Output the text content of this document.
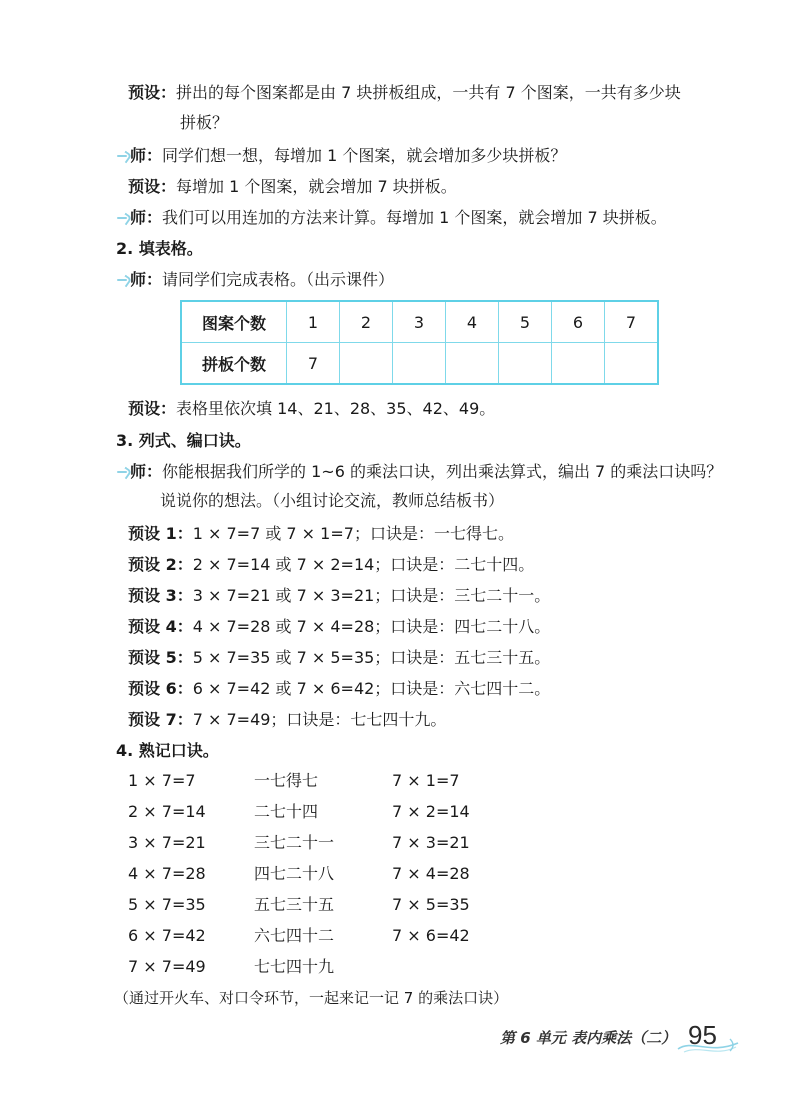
预设：拼出的每个图案都是由 7 块拼板组成，一共有 7 个图案，一共有多少块
拼板？
师：同学们想一想，每增加 1 个图案，就会增加多少块拼板？
预设：每增加 1 个图案，就会增加 7 块拼板。
师：我们可以用连加的方法来计算。每增加 1 个图案，就会增加 7 块拼板。
2. 填表格。
师：请同学们完成表格。（出示课件）
图案个数	1	2	3	4	5	6	7
拼板个数	7						
预设：表格里依次填 14、21、28、35、42、49。
3. 列式、编口诀。
师：你能根据我们所学的 1~6 的乘法口诀，列出乘法算式，编出 7 的乘法口诀吗？
说说你的想法。（小组讨论交流，教师总结板书）
预设 1：1 × 7=7 或 7 × 1=7；口诀是：一七得七。
预设 2：2 × 7=14 或 7 × 2=14；口诀是：二七十四。
预设 3：3 × 7=21 或 7 × 3=21；口诀是：三七二十一。
预设 4：4 × 7=28 或 7 × 4=28；口诀是：四七二十八。
预设 5：5 × 7=35 或 7 × 5=35；口诀是：五七三十五。
预设 6：6 × 7=42 或 7 × 6=42；口诀是：六七四十二。
预设 7：7 × 7=49；口诀是：七七四十九。
4. 熟记口诀。
1 × 7=7	一七得七	7 × 1=7
2 × 7=14	二七十四	7 × 2=14
3 × 7=21	三七二十一	7 × 3=21
4 × 7=28	四七二十八	7 × 4=28
5 × 7=35	五七三十五	7 × 5=35
6 × 7=42	六七四十二	7 × 6=42
7 × 7=49	七七四十九
（通过开火车、对口令环节，一起来记一记 7 的乘法口诀）
第 6 单元 表内乘法（二） 95
